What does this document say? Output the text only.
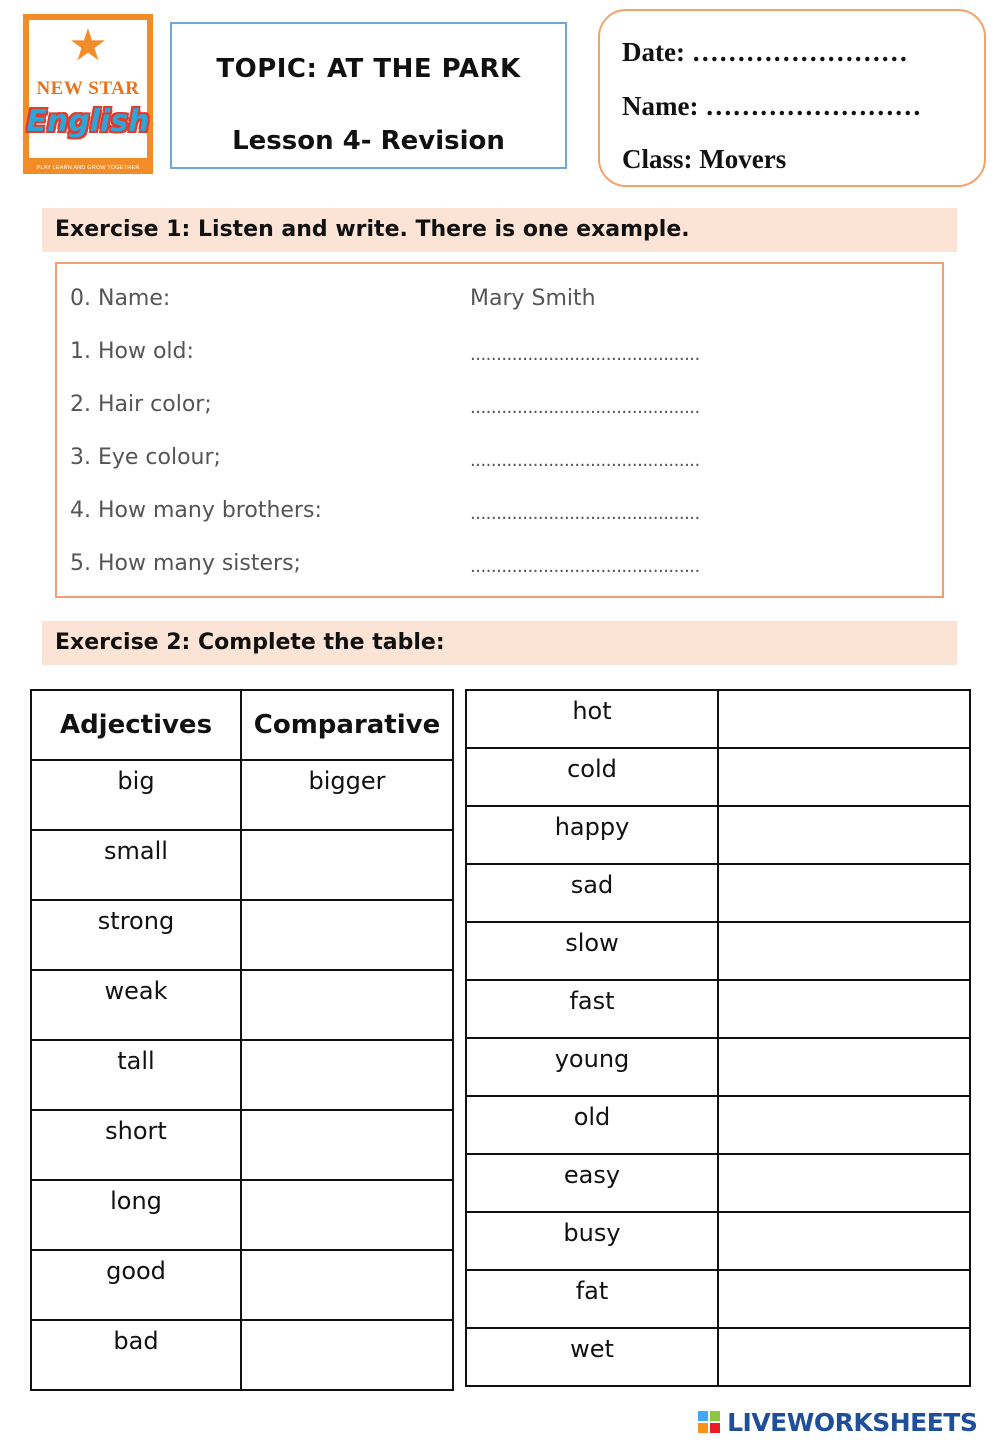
★
NEW STAR
English
PLAY LEARN AND GROW TOGETHER
TOPIC: AT THE PARK
Lesson 4- Revision
Date: ……………………
Name: ……………………
Class: Movers
Exercise 1: Listen and write. There is one example.
0. Name:	Mary Smith
1. How old:	............................................
2. Hair color;	............................................
3. Eye colour;	............................................
4. How many brothers:	............................................
5. How many sisters;	............................................
Exercise 2: Complete the table:
Adjectives	Comparative
big	bigger
small	
strong	
weak	
tall	
short	
long	
good	
bad	
hot	
cold	
happy	
sad	
slow	
fast	
young	
old	
easy	
busy	
fat	
wet	
LIVEWORKSHEETS
